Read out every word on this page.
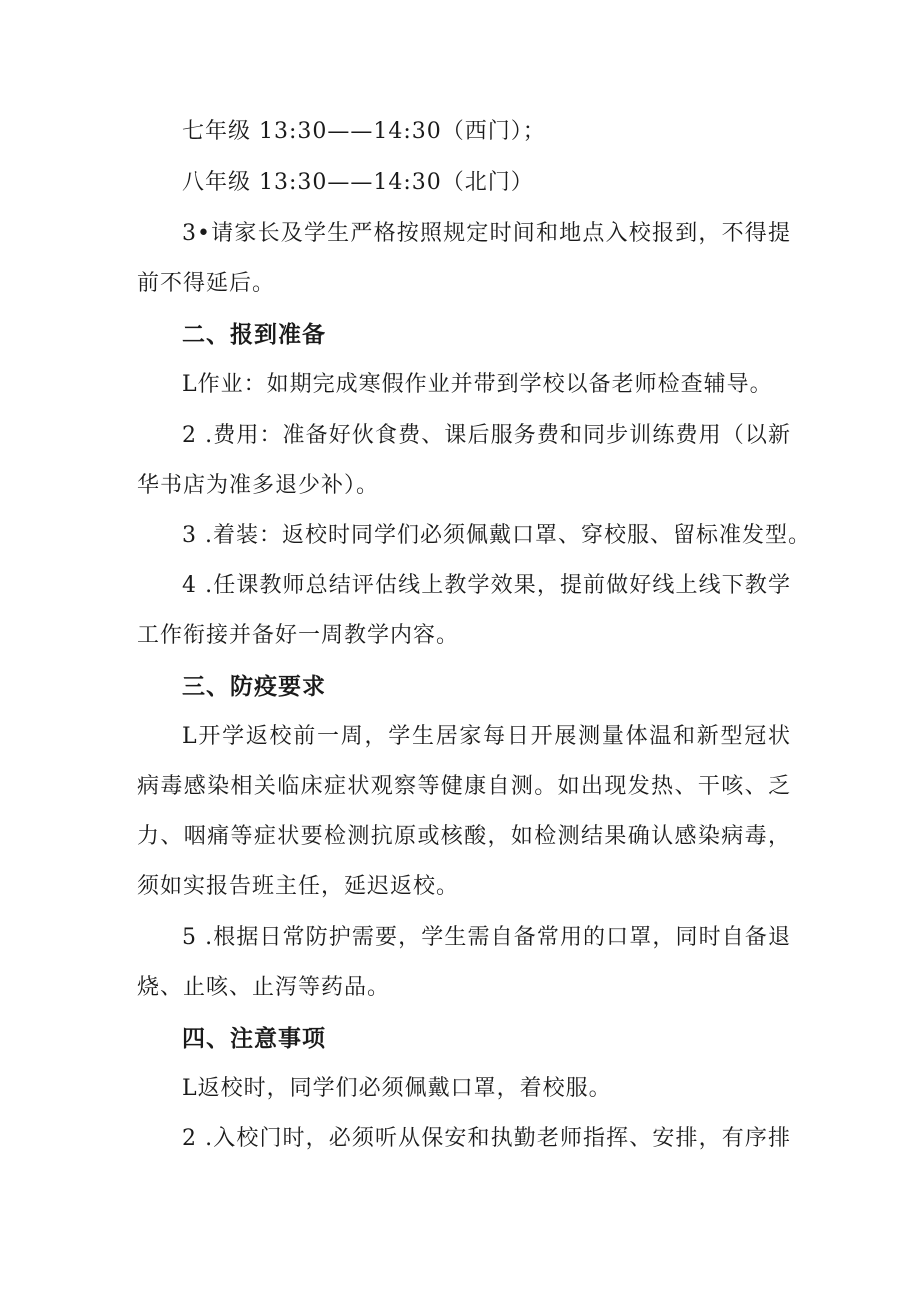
七年级 13:30——14:30（西门）；
八年级 13:30——14:30（北门）
3•请家长及学生严格按照规定时间和地点入校报到，不得提
前不得延后。
二、报到准备
L作业：如期完成寒假作业并带到学校以备老师检查辅导。
2 .费用：准备好伙食费、课后服务费和同步训练费用（以新
华书店为准多退少补）。
3 .着装：返校时同学们必须佩戴口罩、穿校服、留标准发型。
4 .任课教师总结评估线上教学效果，提前做好线上线下教学
工作衔接并备好一周教学内容。
三、防疫要求
L开学返校前一周，学生居家每日开展测量体温和新型冠状
病毒感染相关临床症状观察等健康自测。如出现发热、干咳、乏
力、咽痛等症状要检测抗原或核酸，如检测结果确认感染病毒，
须如实报告班主任，延迟返校。
5 .根据日常防护需要，学生需自备常用的口罩，同时自备退
烧、止咳、止泻等药品。
四、注意事项
L返校时，同学们必须佩戴口罩，着校服。
2 .入校门时，必须听从保安和执勤老师指挥、安排，有序排
